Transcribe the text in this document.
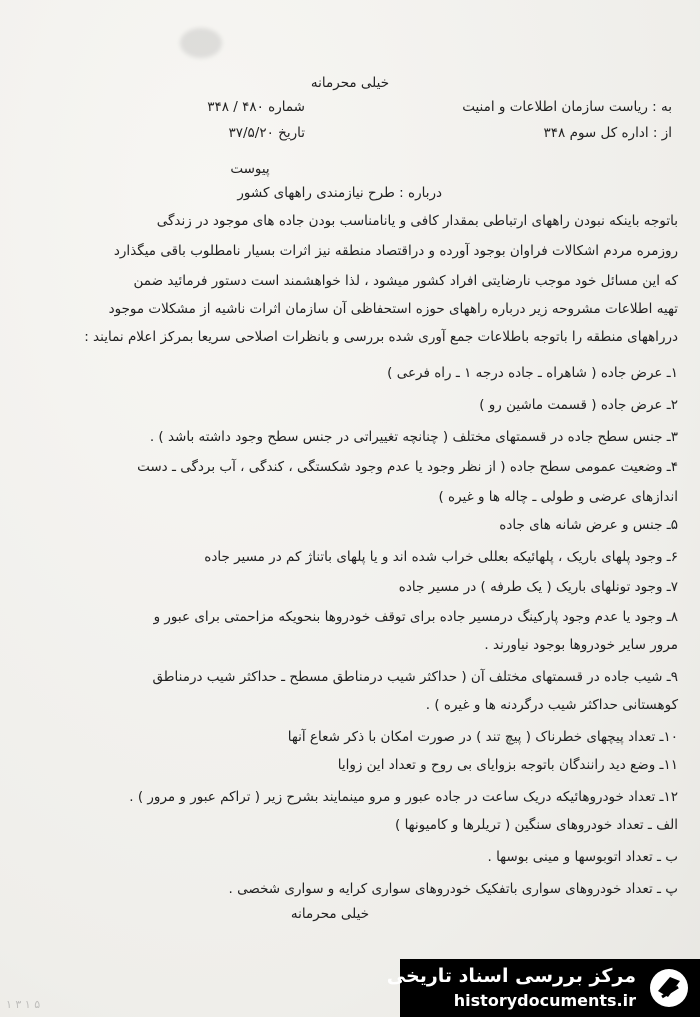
خیلی محرمانه
به : ریاست سازمان اطلاعات و امنیت
شماره ۴۸۰ / ۳۴۸
از : اداره کل سوم ۳۴۸
تاریخ ۳۷/۵/۲۰
پیوست
درباره : طرح نیازمندی راههای کشور
باتوجه باینکه نبودن راههای ارتباطی بمقدار کافی و یانامناسب بودن جاده های موجود در زندگی
روزمره مردم اشکالات فراوان بوجود آورده و دراقتصاد منطقه نیز اثرات بسیار نامطلوب باقی میگذارد
که این مسائل خود موجب نارضایتی افراد کشور میشود ، لذا خواهشمند است دستور فرمائید ضمن
تهیه اطلاعات مشروحه زیر درباره راههای حوزه استحفاظی آن سازمان اثرات ناشیه از مشکلات موجود
درراههای منطقه را باتوجه باطلاعات جمع آوری شده بررسی و بانظرات اصلاحی سریعا بمرکز اعلام نمایند :
۱ـ عرض جاده ( شاهراه ـ جاده درجه ۱ ـ راه فرعی )
۲ـ عرض جاده ( قسمت ماشین رو )
۳ـ جنس سطح جاده در قسمتهای مختلف ( چنانچه تغییراتی در جنس سطح وجود داشته باشد ) .
۴ـ وضعیت عمومی سطح جاده ( از نظر وجود یا عدم وجود شکستگی ، کندگی ، آب بردگی ـ دست
اندازهای عرضی و طولی ـ چاله ها و غیره )
۵ـ جنس و عرض شانه های جاده
۶ـ وجود پلهای باریک ، پلهائیکه بعللی خراب شده اند و یا پلهای باتناژ کم در مسیر جاده
۷ـ وجود تونلهای باریک ( یک طرفه ) در مسیر جاده
۸ـ وجود یا عدم وجود پارکینگ درمسیر جاده برای توقف خودروها بنحویکه مزاحمتی برای عبور و
مرور سایر خودروها بوجود نیاورند .
۹ـ شیب جاده در قسمتهای مختلف آن ( حداکثر شیب درمناطق مسطح ـ حداکثر شیب درمناطق
کوهستانی حداکثر شیب درگردنه ها و غیره ) .
۱۰ـ تعداد پیچهای خطرناک ( پیچ تند ) در صورت امکان با ذکر شعاع آنها
۱۱ـ وضع دید رانندگان باتوجه بزوایای بی روح و تعداد این زوایا
۱۲ـ تعداد خودروهائیکه دریک ساعت در جاده عبور و مرو مینمایند بشرح زیر ( تراکم عبور و مرور ) .
الف ـ تعداد خودروهای سنگین ( تریلرها و کامیونها )
ب ـ تعداد اتوبوسها و مینی بوسها .
پ ـ تعداد خودروهای سواری باتفکیک خودروهای سواری کرایه و سواری شخصی .
خیلی محرمانه
۱ ۳ ۱ ۵
مرکز بررسی اسناد تاریخی
historydocuments.ir
